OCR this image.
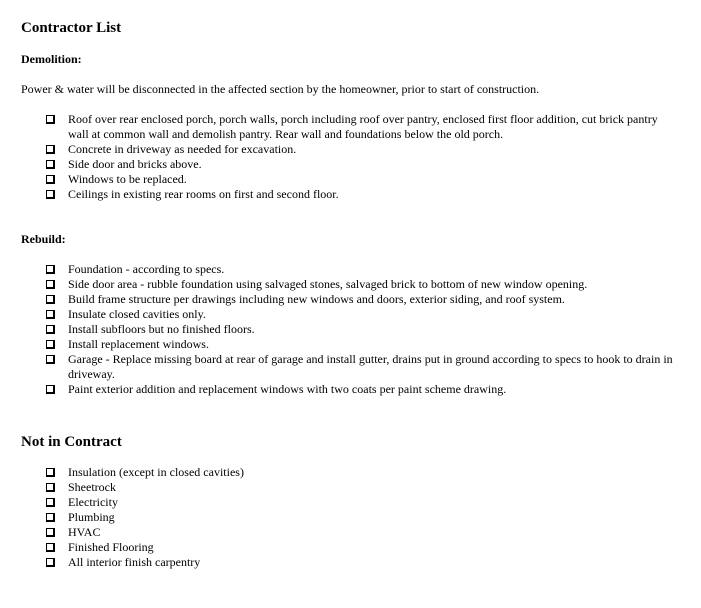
Contractor List
Demolition:

Power & water will be disconnected in the affected section by the homeowner, prior to start of construction.

Roof over rear enclosed porch, porch walls, porch including roof over pantry, enclosed first floor addition, cut brick pantry wall at common wall and demolish pantry. Rear wall and foundations below the old porch.
Concrete in driveway as needed for excavation.
Side door and bricks above.
Windows to be replaced.
Ceilings in existing rear rooms on first and second floor.
Rebuild:
Foundation - according to specs.
Side door area - rubble foundation using salvaged stones, salvaged brick to bottom of new window opening.
Build frame structure per drawings including new windows and doors, exterior siding, and roof system.
Insulate closed cavities only.
Install subfloors but no finished floors.
Install replacement windows.
Garage - Replace missing board at rear of garage and install gutter, drains put in ground according to specs to hook to drain in driveway.
Paint exterior addition and replacement windows with two coats per paint scheme drawing.
Not in Contract
Insulation (except in closed cavities)
Sheetrock
Electricity
Plumbing
HVAC
Finished Flooring
All interior finish carpentry
